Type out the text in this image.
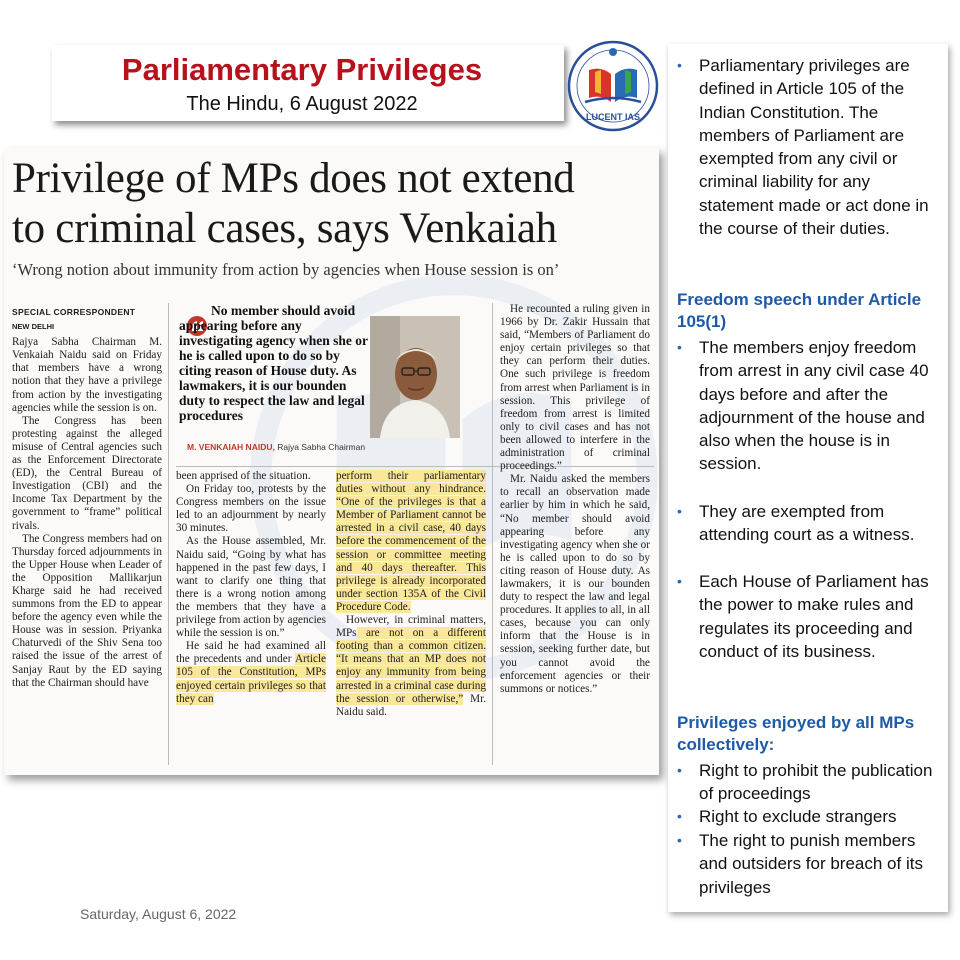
Parliamentary Privileges
The Hindu, 6 August 2022
LUCENT IAS
Privilege of MPs does not extend
to criminal cases, says Venkaiah
‘Wrong notion about immunity from action by agencies when House session is on’
SPECIAL CORRESPONDENT
NEW DELHI

Rajya Sabha Chairman M. Venkaiah Naidu said on Friday that members have a wrong notion that they have a privilege from action by the investigating agencies while the session is on.

The Congress has been protesting against the alleged misuse of Central agencies such as the Enforcement Directorate (ED), the Central Bureau of Investigation (CBI) and the Income Tax Department by the government to “frame” political rivals.

The Congress members had on Thursday forced adjournments in the Upper House when Leader of the Opposition Mallikarjun Kharge said he had received summons from the ED to appear before the agency even while the House was in session. Priyanka Chaturvedi of the Shiv Sena too raised the issue of the arrest of Sanjay Raut by the ED saying that the Chairman should have

No member should avoid appearing before any investigating agency when she or he is called upon to do so by citing reason of House duty. As lawmakers, it is our bounden duty to respect the law and legal procedures
M. VENKAIAH NAIDU, Rajya Sabha Chairman

been apprised of the situation.

On Friday too, protests by the Congress members on the issue led to an adjournment by nearly 30 minutes.

As the House assembled, Mr. Naidu said, “Going by what has happened in the past few days, I want to clarify one thing that there is a wrong notion among the members that they have a privilege from action by agencies while the session is on.”

He said he had examined all the precedents and under Article 105 of the Constitution, MPs enjoyed certain privileges so that they can

perform their parliamentary duties without any hindrance. “One of the privileges is that a Member of Parliament cannot be arrested in a civil case, 40 days before the commencement of the session or committee meeting and 40 days thereafter. This privilege is already incorporated under section 135A of the Civil Procedure Code.

However, in criminal matters, MPs are not on a different footing than a common citizen. “It means that an MP does not enjoy any immunity from being arrested in a criminal case during the session or otherwise,” Mr. Naidu said.

He recounted a ruling given in 1966 by Dr. Zakir Hussain that said, “Members of Parliament do enjoy certain privileges so that they can perform their duties. One such privilege is freedom from arrest when Parliament is in session. This privilege of freedom from arrest is limited only to civil cases and has not been allowed to interfere in the administration of criminal proceedings.”

Mr. Naidu asked the members to recall an observation made earlier by him in which he said, “No member should avoid appearing before any investigating agency when she or he is called upon to do so by citing reason of House duty. As lawmakers, it is our bounden duty to respect the law and legal procedures. It applies to all, in all cases, because you can only inform that the House is in session, seeking further date, but you cannot avoid the enforcement agencies or their summons or notices.”

Saturday, August 6, 2022
•	Parliamentary privileges are defined in Article 105 of the Indian Constitution. The members of Parliament are exempted from any civil or criminal liability for any statement made or act done in the course of their duties.
Freedom speech under Article 105(1)
•	The members enjoy freedom from arrest in any civil case 40 days before and after the adjournment of the house and also when the house is in session.
•	They are exempted from attending court as a witness.
•	Each House of Parliament has the power to make rules and regulates its proceeding and conduct of its business.
Privileges enjoyed by all MPs collectively:
•	Right to prohibit the publication of proceedings
•	Right to exclude strangers
•	The right to punish members and outsiders for breach of its privileges
